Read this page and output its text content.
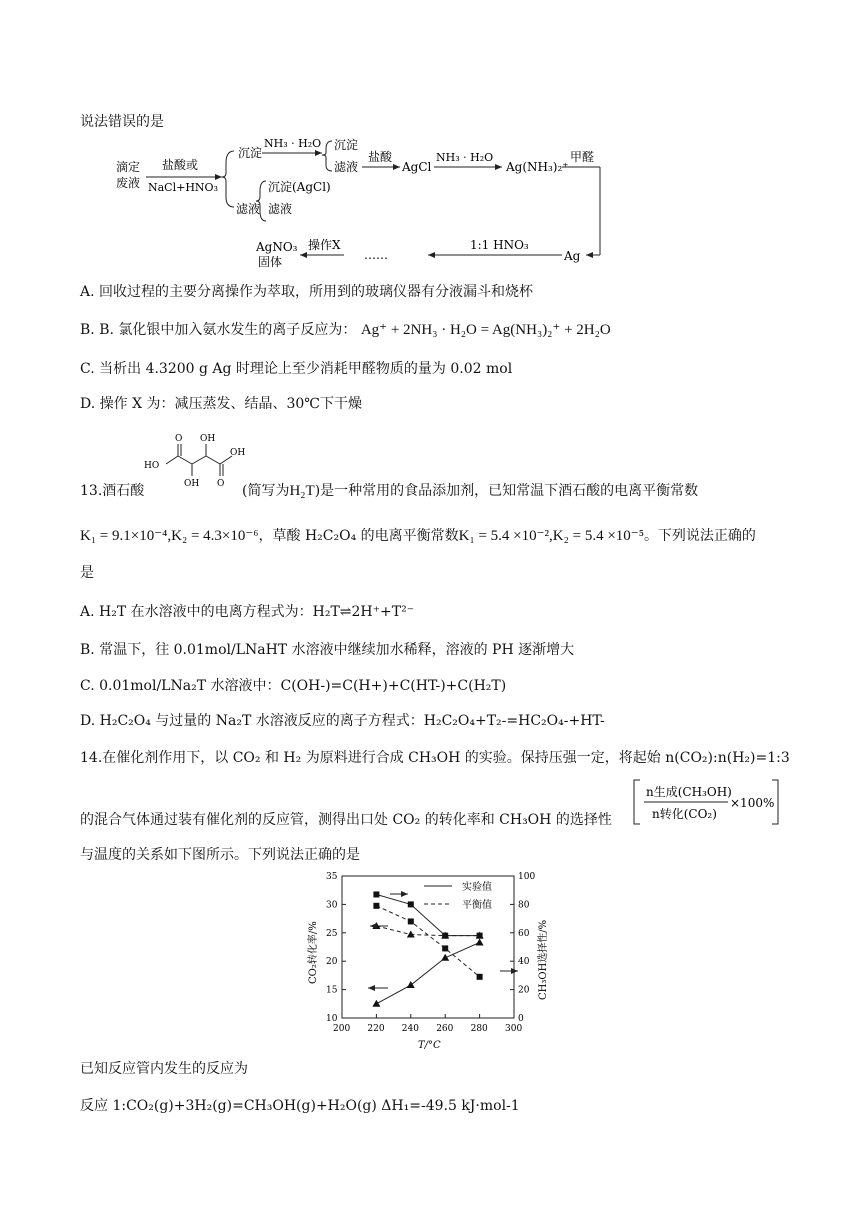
说法错误的是
滴定
废液
盐酸或
NaCl+HNO₃
沉淀
滤液
NH₃ · H₂O 沉淀
滤液
盐酸
AgCl
NH₃ · H₂O
Ag(NH₃)₂⁺
甲醛
沉淀(AgCl)
滤液
AgNO₃
固体
操作X
……
1:1 HNO₃
Ag
A. 回收过程的主要分离操作为萃取，所用到的玻璃仪器有分液漏斗和烧杯
B. B. 氯化银中加入氨水发生的离子反应为： Ag⁺ + 2NH₃ · H₂O = Ag(NH₃)₂⁺ + 2H₂O
C. 当析出 4.3200 g Ag 时理论上至少消耗甲醛物质的量为 0.02 mol
D. 操作 X 为：减压蒸发、结晶、30℃下干燥
HO
O OH
OH O
OH
13.酒石酸	(简写为H₂T)是一种常用的食品添加剂，已知常温下酒石酸的电离平衡常数
K₁ = 9.1×10⁻⁴,K₂ = 4.3×10⁻⁶，草酸 H₂C₂O₄ 的电离平衡常数K₁ = 5.4 ×10⁻²,K₂ = 5.4 ×10⁻⁵。下列说法正确的
是
A. H₂T 在水溶液中的电离方程式为：H₂T⇌2H⁺+T²⁻
B. 常温下，往 0.01mol/LNaHT 水溶液中继续加水稀释，溶液的 PH 逐渐增大
C. 0.01mol/LNa₂T 水溶液中：C(OH-)=C(H+)+C(HT-)+C(H₂T)
D. H₂C₂O₄ 与过量的 Na₂T 水溶液反应的离子方程式：H₂C₂O₄+T₂-=HC₂O₄-+HT-
14.在催化剂作用下，以 CO₂ 和 H₂ 为原料进行合成 CH₃OH 的实验。保持压强一定，将起始 n(CO₂):n(H₂)=1:3
的混合气体通过装有催化剂的反应管，测得出口处 CO₂ 的转化率和 CH₃OH 的选择性
n生成(CH₃OH)
n转化(CO₂)
×100%
与温度的关系如下图所示。下列说法正确的是
200 220 240 260 280 300
10
15
20
25
30
35
0
20
40
60
80
100
实验值
平衡值
T/°C
CO₂转化率/%	CH₃OH选择性/%
已知反应管内发生的反应为
反应 1:CO₂(g)+3H₂(g)=CH₃OH(g)+H₂O(g) ΔH₁=-49.5 kJ·mol-1
